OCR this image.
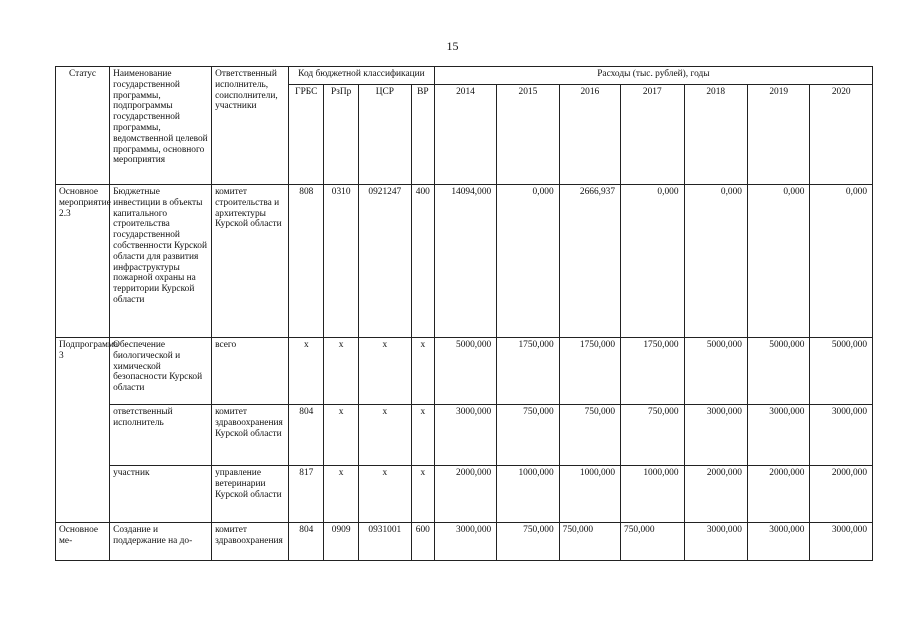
15
Статус	Наименование государственной программы, подпрограммы государственной программы, ведомственной целевой программы, основного мероприятия	Ответственный исполнитель, соисполнители, участники	Код бюджетной классификации				Расходы (тыс. рублей), годы						
			ГРБС	РзПр	ЦСР	ВР	2014	2015	2016	2017	2018	2019	2020
Основное мероприятие 2.3	Бюджетные инвестиции в объекты капитального строительства государственной собственности Курской области для развития инфраструктуры пожарной охраны на территории Курской области	комитет строительства и архитектуры Курской области	808	0310	0921247	400	14094,000	0,000	2666,937	0,000	0,000	0,000	0,000
Подпрограмма 3	Обеспечение биологической и химической безопасности Курской области	всего	х	х	х	х	5000,000	1750,000	1750,000	1750,000	5000,000	5000,000	5000,000
	ответственный исполнитель	комитет здравоохранения Курской области	804	х	х	х	3000,000	750,000	750,000	750,000	3000,000	3000,000	3000,000
	участник	управление ветеринарии Курской области	817	х	х	х	2000,000	1000,000	1000,000	1000,000	2000,000	2000,000	2000,000
Основное ме-	Создание и поддержание на до-	комитет здравоохранения	804	0909	0931001	600	3000,000	750,000	750,000	750,000	3000,000	3000,000	3000,000
